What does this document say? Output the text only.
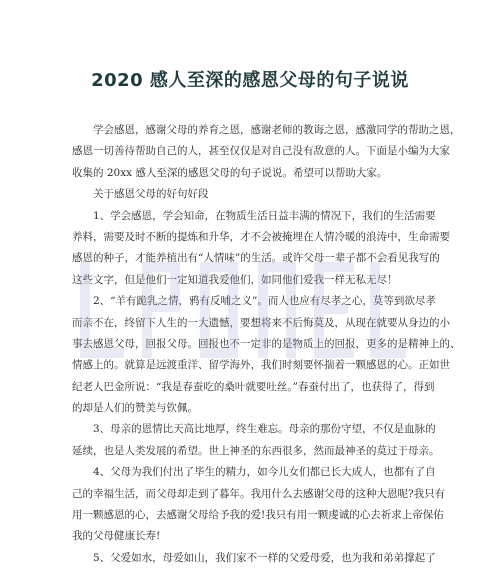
2020 感人至深的感恩父母的句子说说
　　学会感恩，感谢父母的养育之恩，感谢老师的教诲之恩，感激同学的帮助之恩，
感恩一切善待帮助自己的人，甚至仅仅是对自己没有敌意的人。下面是小编为大家
收集的 20xx 感人至深的感恩父母的句子说说。希望可以帮助大家。
　　关于感恩父母的好句好段
　　1、学会感恩，学会知命，在物质生活日益丰满的情况下，我们的生活需要
养料，需要及时不断的提炼和升华，才不会被掩埋在人情冷暖的浪涛中，生命需要
感恩的种子，才能养植出有“人情味”的生活。或许父母一辈子都不会看见我写的
这些文字，但是他们一定知道我爱他们，如同他们爱我一样无私无尽！
　　2、“羊有跪乳之情，鸦有反哺之义”。而人也应有尽孝之心，莫等到欲尽孝
而亲不在，终留下人生的一大遗憾，要想将来不后悔莫及，从现在就要从身边的小
事去感恩父母，回报父母。回报也不一定非的是物质上的回报，更多的是精神上的、
情感上的。就算是远渡重洋、留学海外，我们时刻要怀揣着一颗感恩的心。正如世
纪老人巴金所说：“我是春蚕吃的桑叶就要吐丝。”春蚕付出了，也获得了，得到
的却是人们的赞美与钦佩。
　　3、母亲的恩情比天高比地厚，终生难忘。母亲的那份守望，不仅是血脉的
延续，也是人类发展的希望。世上神圣的东西很多，然而最神圣的莫过于母亲。
　　4、父母为我们付出了毕生的精力，如今儿女们都已长大成人，也都有了自
己的幸福生活，而父母却走到了暮年。我用什么去感谢父母的这种大恩呢?我只有
用一颗感恩的心，去感谢父母给予我的爱!我只有用一颗虔诚的心去祈求上帝保佑
我的父母健康长寿!
　　5、父爱如水，母爱如山，我们家不一样的父爱母爱，也为我和弟弟撑起了
